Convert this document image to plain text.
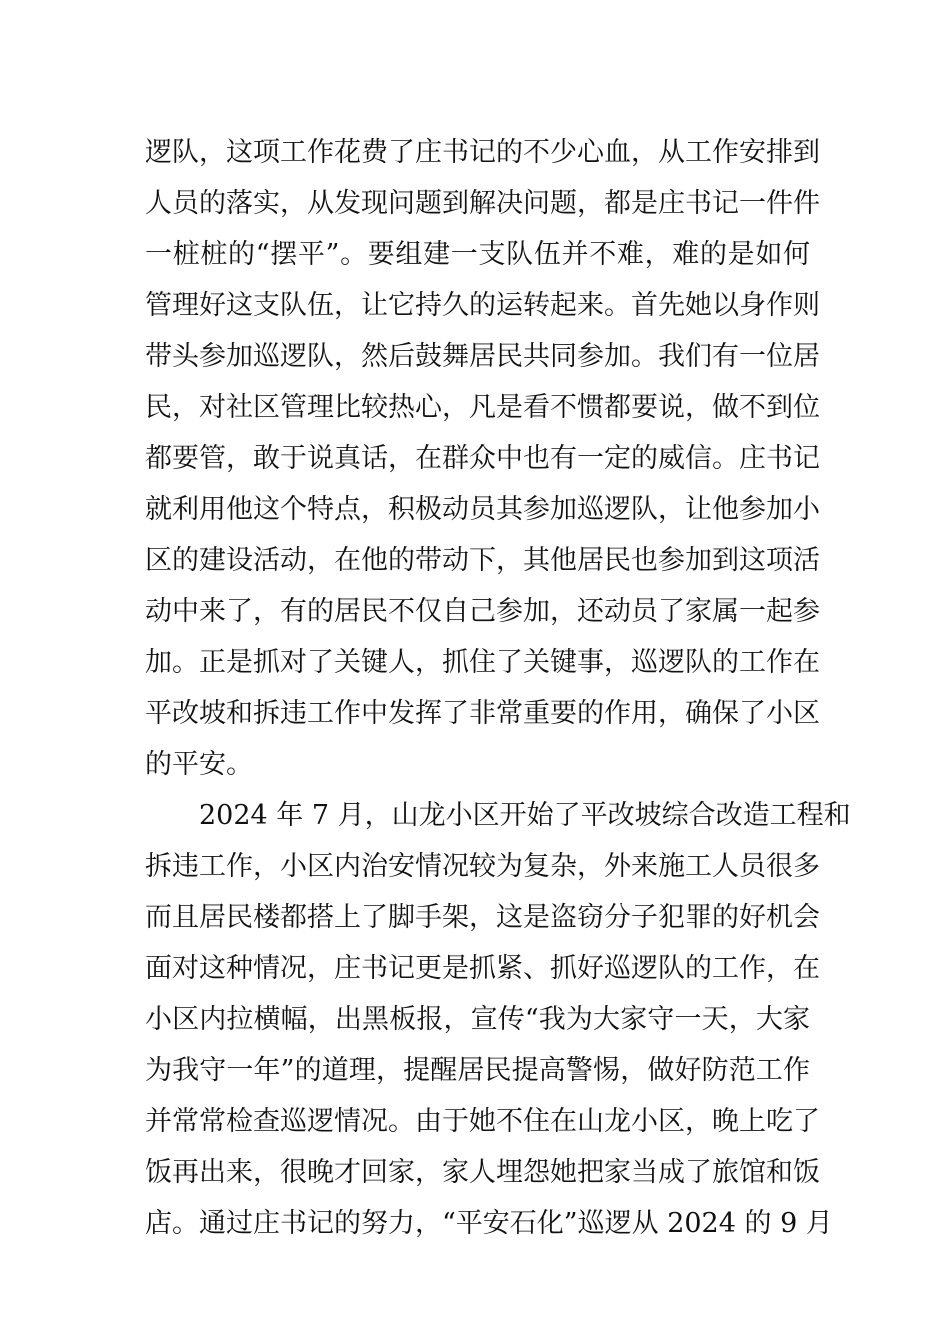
逻队，这项工作花费了庄书记的不少心血，从工作安排到
人员的落实，从发现问题到解决问题，都是庄书记一件件
一桩桩的“摆平”。要组建一支队伍并不难，难的是如何
管理好这支队伍，让它持久的运转起来。首先她以身作则
带头参加巡逻队，然后鼓舞居民共同参加。我们有一位居
民，对社区管理比较热心，凡是看不惯都要说，做不到位
都要管，敢于说真话，在群众中也有一定的威信。庄书记
就利用他这个特点，积极动员其参加巡逻队，让他参加小
区的建设活动，在他的带动下，其他居民也参加到这项活
动中来了，有的居民不仅自己参加，还动员了家属一起参
加。正是抓对了关键人，抓住了关键事，巡逻队的工作在
平改坡和拆违工作中发挥了非常重要的作用，确保了小区
的平安。
2024 年 7 月，山龙小区开始了平改坡综合改造工程和
拆违工作，小区内治安情况较为复杂，外来施工人员很多
而且居民楼都搭上了脚手架，这是盗窃分子犯罪的好机会
面对这种情况，庄书记更是抓紧、抓好巡逻队的工作，在
小区内拉横幅，出黑板报，宣传“我为大家守一天，大家
为我守一年”的道理，提醒居民提高警惕，做好防范工作
并常常检查巡逻情况。由于她不住在山龙小区，晚上吃了
饭再出来，很晚才回家，家人埋怨她把家当成了旅馆和饭
店。通过庄书记的努力，“平安石化”巡逻从 2024 的 9 月
